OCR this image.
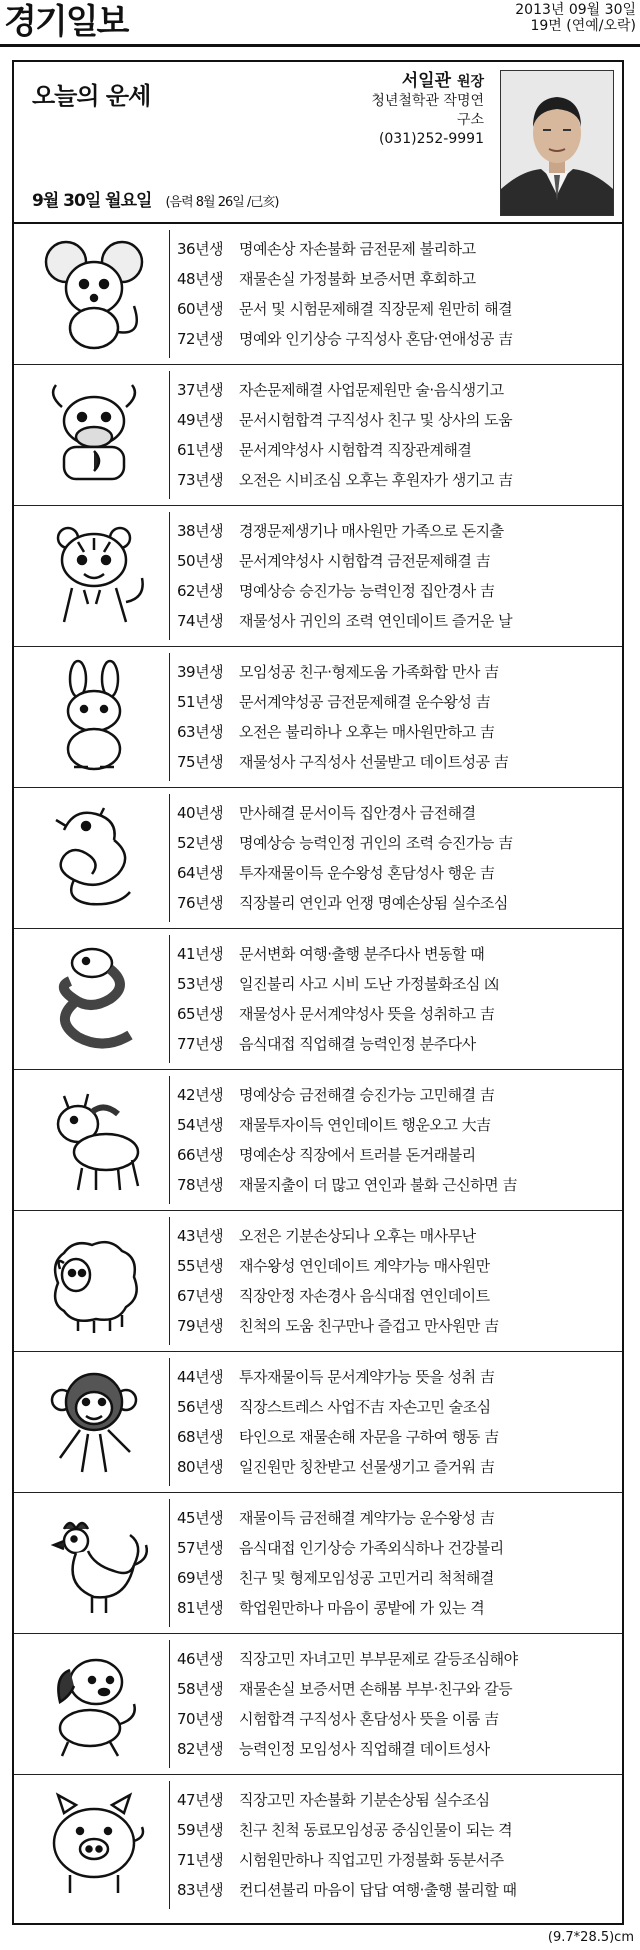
경기일보	2013년 09월 30일
19면 (연예/오락)
오늘의 운세
서일관 원장
청년철학관 작명연구소
(031)252-9991
9월 30일 월요일 (음력 8월 26일 /己亥)
36년생	명예손상 자손불화 금전문제 불리하고
48년생	재물손실 가정불화 보증서면 후회하고
60년생	문서 및 시험문제해결 직장문제 원만히 해결
72년생	명예와 인기상승 구직성사 혼담·연애성공 吉
37년생	자손문제해결 사업문제원만 술·음식생기고
49년생	문서시험합격 구직성사 친구 및 상사의 도움
61년생	문서계약성사 시험합격 직장관계해결
73년생	오전은 시비조심 오후는 후원자가 생기고 吉
38년생	경쟁문제생기나 매사원만 가족으로 돈지출
50년생	문서계약성사 시험합격 금전문제해결 吉
62년생	명예상승 승진가능 능력인정 집안경사 吉
74년생	재물성사 귀인의 조력 연인데이트 즐거운 날
39년생	모임성공 친구·형제도움 가족화합 만사 吉
51년생	문서계약성공 금전문제해결 운수왕성 吉
63년생	오전은 불리하나 오후는 매사원만하고 吉
75년생	재물성사 구직성사 선물받고 데이트성공 吉
40년생	만사해결 문서이득 집안경사 금전해결
52년생	명예상승 능력인정 귀인의 조력 승진가능 吉
64년생	투자재물이득 운수왕성 혼담성사 행운 吉
76년생	직장불리 연인과 언쟁 명예손상됨 실수조심
41년생	문서변화 여행·출행 분주다사 변동할 때
53년생	일진불리 사고 시비 도난 가정불화조심 凶
65년생	재물성사 문서계약성사 뜻을 성취하고 吉
77년생	음식대접 직업해결 능력인정 분주다사
42년생	명예상승 금전해결 승진가능 고민해결 吉
54년생	재물투자이득 연인데이트 행운오고 大吉
66년생	명예손상 직장에서 트러블 돈거래불리
78년생	재물지출이 더 많고 연인과 불화 근신하면 吉
43년생	오전은 기분손상되나 오후는 매사무난
55년생	재수왕성 연인데이트 계약가능 매사원만
67년생	직장안정 자손경사 음식대접 연인데이트
79년생	친척의 도움 친구만나 즐겁고 만사원만 吉
44년생	투자재물이득 문서계약가능 뜻을 성취 吉
56년생	직장스트레스 사업不吉 자손고민 술조심
68년생	타인으로 재물손해 자문을 구하여 행동 吉
80년생	일진원만 칭찬받고 선물생기고 즐거워 吉
45년생	재물이득 금전해결 계약가능 운수왕성 吉
57년생	음식대접 인기상승 가족외식하나 건강불리
69년생	친구 및 형제모임성공 고민거리 척척해결
81년생	학업원만하나 마음이 콩밭에 가 있는 격
46년생	직장고민 자녀고민 부부문제로 갈등조심해야
58년생	재물손실 보증서면 손해봄 부부·친구와 갈등
70년생	시험합격 구직성사 혼담성사 뜻을 이룸 吉
82년생	능력인정 모임성사 직업해결 데이트성사
47년생	직장고민 자손불화 기분손상됨 실수조심
59년생	친구 친척 동료모임성공 중심인물이 되는 격
71년생	시험원만하나 직업고민 가정불화 동분서주
83년생	컨디션불리 마음이 답답 여행·출행 불리할 때
(9.7*28.5)cm
